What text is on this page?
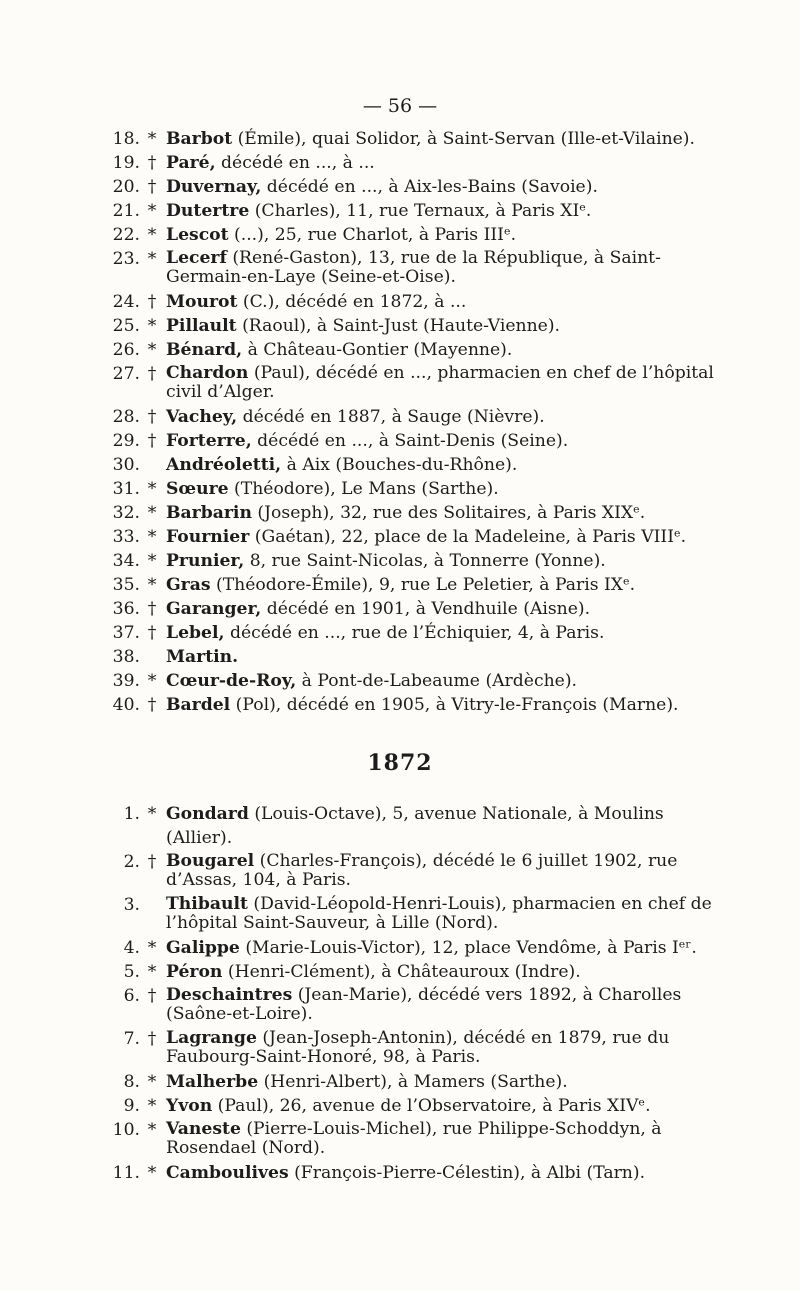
— 56 —
18. * Barbot (Émile), quai Solidor, à Saint-Servan (Ille-et-Vilaine).
19. † Paré, décédé en ..., à ...
20. † Duvernay, décédé en ..., à Aix-les-Bains (Savoie).
21. * Dutertre (Charles), 11, rue Ternaux, à Paris XIᵉ.
22. * Lescot (...), 25, rue Charlot, à Paris IIIᵉ.
23. * Lecerf (René-Gaston), 13, rue de la République, à Saint-Germain-en-Laye (Seine-et-Oise).
24. † Mourot (C.), décédé en 1872, à ...
25. * Pillault (Raoul), à Saint-Just (Haute-Vienne).
26. * Bénard, à Château-Gontier (Mayenne).
27. † Chardon (Paul), décédé en ..., pharmacien en chef de l’hôpital civil d’Alger.
28. † Vachey, décédé en 1887, à Sauge (Nièvre).
29. † Forterre, décédé en ..., à Saint-Denis (Seine).
30. Andréoletti, à Aix (Bouches-du-Rhône).
31. * Sœure (Théodore), Le Mans (Sarthe).
32. * Barbarin (Joseph), 32, rue des Solitaires, à Paris XIXᵉ.
33. * Fournier (Gaétan), 22, place de la Madeleine, à Paris VIIIᵉ.
34. * Prunier, 8, rue Saint-Nicolas, à Tonnerre (Yonne).
35. * Gras (Théodore-Émile), 9, rue Le Peletier, à Paris IXᵉ.
36. † Garanger, décédé en 1901, à Vendhuile (Aisne).
37. † Lebel, décédé en ..., rue de l’Échiquier, 4, à Paris.
38. Martin.
39. * Cœur-de-Roy, à Pont-de-Labeaume (Ardèche).
40. † Bardel (Pol), décédé en 1905, à Vitry-le-François (Marne).
1872
1. * Gondard (Louis-Octave), 5, avenue Nationale, à Moulins (Allier).
2. † Bougarel (Charles-François), décédé le 6 juillet 1902, rue d’Assas, 104, à Paris.
3. Thibault (David-Léopold-Henri-Louis), pharmacien en chef de l’hôpital Saint-Sauveur, à Lille (Nord).
4. * Galippe (Marie-Louis-Victor), 12, place Vendôme, à Paris Iᵉʳ.
5. * Péron (Henri-Clément), à Châteauroux (Indre).
6. † Deschaintres (Jean-Marie), décédé vers 1892, à Charolles (Saône-et-Loire).
7. † Lagrange (Jean-Joseph-Antonin), décédé en 1879, rue du Faubourg-Saint-Honoré, 98, à Paris.
8. * Malherbe (Henri-Albert), à Mamers (Sarthe).
9. * Yvon (Paul), 26, avenue de l’Observatoire, à Paris XIVᵉ.
10. * Vaneste (Pierre-Louis-Michel), rue Philippe-Schoddyn, à Rosendael (Nord).
11. * Camboulives (François-Pierre-Célestin), à Albi (Tarn).
